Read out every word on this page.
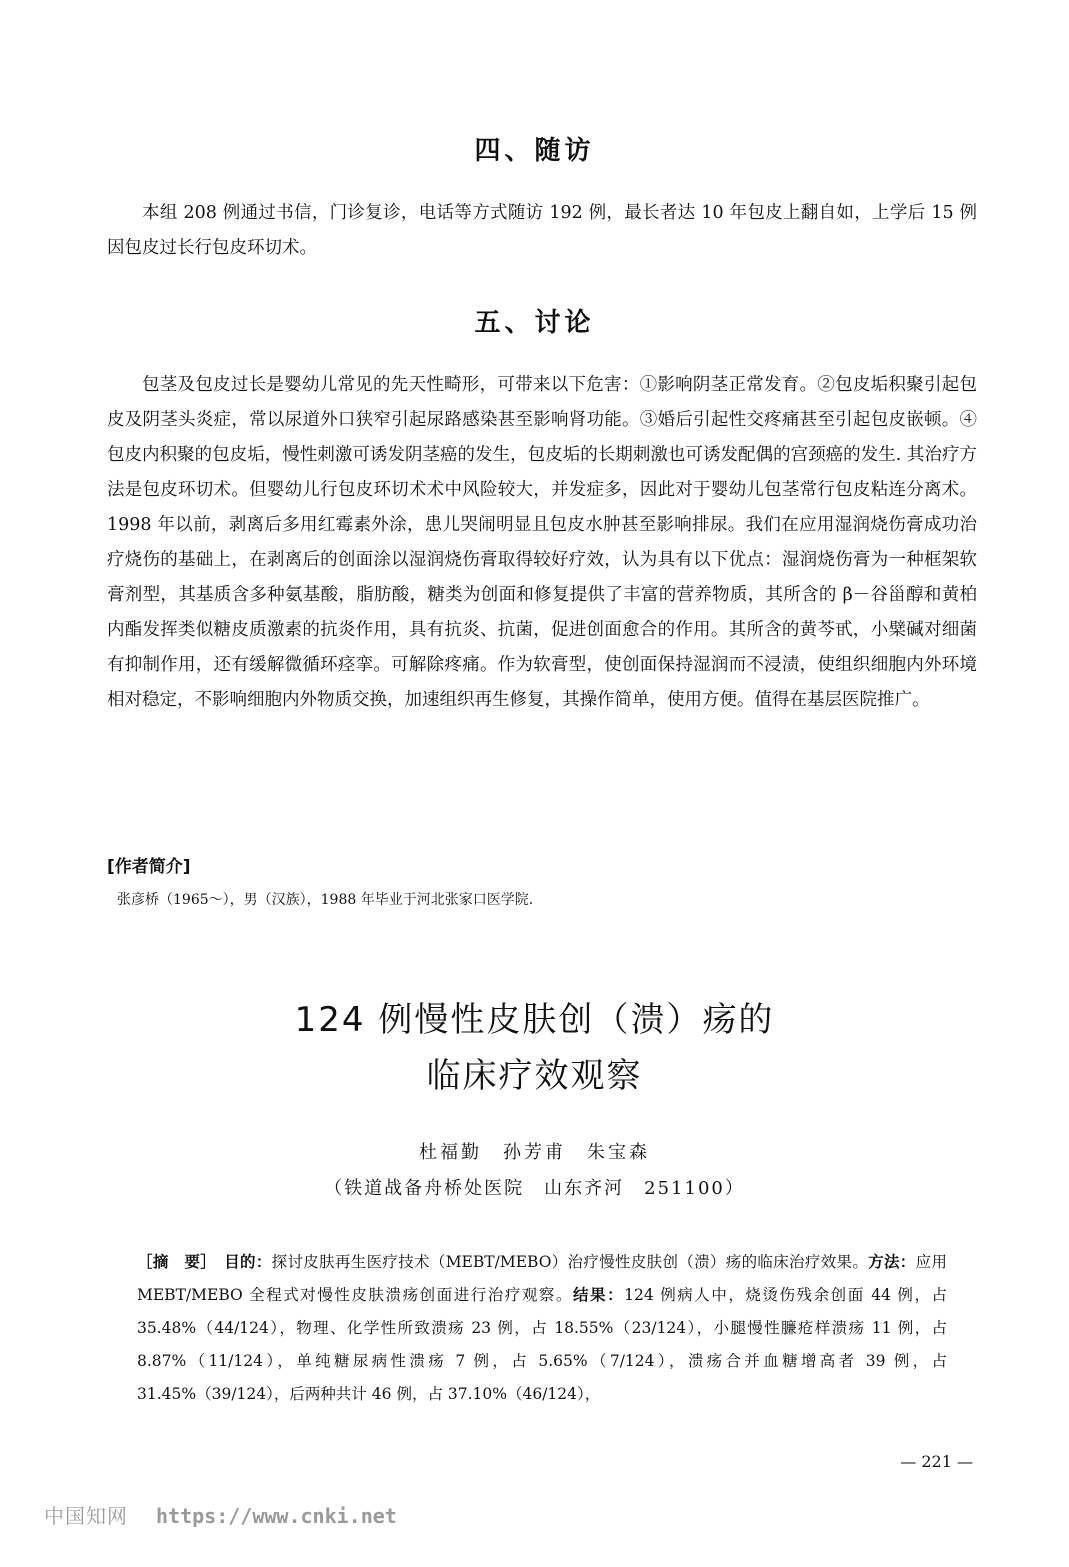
四、随访

本组 208 例通过书信，门诊复诊，电话等方式随访 192 例，最长者达 10 年包皮上翻自如，上学后 15 例因包皮过长行包皮环切术。

五、讨论

包茎及包皮过长是婴幼儿常见的先天性畸形，可带来以下危害：①影响阴茎正常发育。②包皮垢积聚引起包皮及阴茎头炎症，常以尿道外口狭窄引起尿路感染甚至影响肾功能。③婚后引起性交疼痛甚至引起包皮嵌顿。④包皮内积聚的包皮垢，慢性刺激可诱发阴茎癌的发生，包皮垢的长期刺激也可诱发配偶的宫颈癌的发生. 其治疗方法是包皮环切术。但婴幼儿行包皮环切术术中风险较大，并发症多，因此对于婴幼儿包茎常行包皮粘连分离术。1998 年以前，剥离后多用红霉素外涂，患儿哭闹明显且包皮水肿甚至影响排尿。我们在应用湿润烧伤膏成功治疗烧伤的基础上，在剥离后的创面涂以湿润烧伤膏取得较好疗效，认为具有以下优点：湿润烧伤膏为一种框架软膏剂型，其基质含多种氨基酸，脂肪酸，糖类为创面和修复提供了丰富的营养物质，其所含的 β－谷甾醇和黄柏内酯发挥类似糖皮质激素的抗炎作用，具有抗炎、抗菌，促进创面愈合的作用。其所含的黄芩甙，小檗碱对细菌有抑制作用，还有缓解微循环痉挛。可解除疼痛。作为软膏型，使创面保持湿润而不浸渍，使组织细胞内外环境相对稳定，不影响细胞内外物质交换，加速组织再生修复，其操作简单，使用方便。值得在基层医院推广。

[作者简介]
张彦桥（1965～），男（汉族），1988 年毕业于河北张家口医学院.
124 例慢性皮肤创（溃）疡的
临床疗效观察
杜福勤　孙芳甫　朱宝森
（铁道战备舟桥处医院　山东齐河　251100）

［摘　要］　 目的：探讨皮肤再生医疗技术（MEBT/MEBO）治疗慢性皮肤创（溃）疡的临床治疗效果。方法：应用 MEBT/MEBO 全程式对慢性皮肤溃疡创面进行治疗观察。结果：124 例病人中，烧烫伤残余创面 44 例，占 35.48%（44/124），物理、化学性所致溃疡 23 例，占 18.55%（23/124），小腿慢性臁疮样溃疡 11 例，占 8.87%（11/124），单纯糖尿病性溃疡 7 例，占 5.65%（7/124），溃疡合并血糖增高者 39 例，占 31.45%（39/124），后两种共计 46 例，占 37.10%（46/124），

— 221 —
中国知网 https://www.cnki.net
